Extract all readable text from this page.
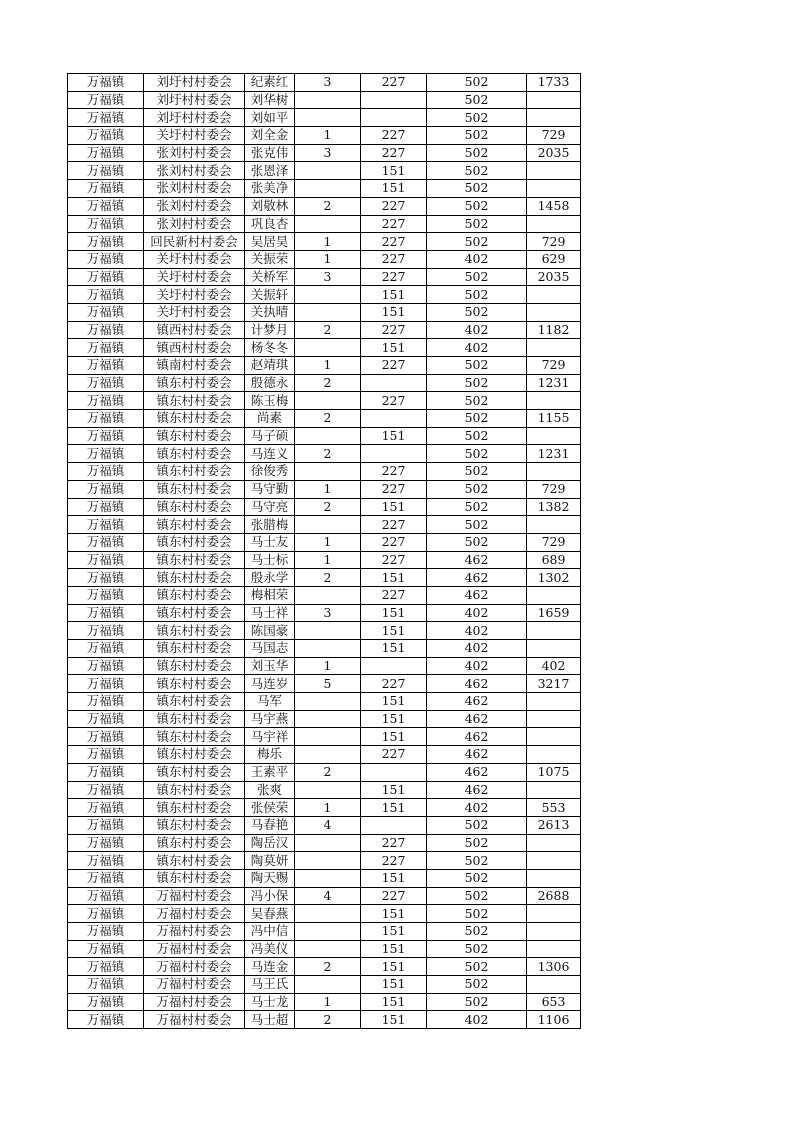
万福镇	刘圩村村委会	纪素红	3	227	502	1733
万福镇	刘圩村村委会	刘华树			502	
万福镇	刘圩村村委会	刘如平			502	
万福镇	关圩村村委会	刘全金	1	227	502	729
万福镇	张刘村村委会	张克伟	3	227	502	2035
万福镇	张刘村村委会	张恩泽		151	502	
万福镇	张刘村村委会	张美净		151	502	
万福镇	张刘村村委会	刘敬林	2	227	502	1458
万福镇	张刘村村委会	巩良杏		227	502	
万福镇	回民新村村委会	吴居昊	1	227	502	729
万福镇	关圩村村委会	关振荣	1	227	402	629
万福镇	关圩村村委会	关桥军	3	227	502	2035
万福镇	关圩村村委会	关振轩		151	502	
万福镇	关圩村村委会	关执晴		151	502	
万福镇	镇西村村委会	计梦月	2	227	402	1182
万福镇	镇西村村委会	杨冬冬		151	402	
万福镇	镇南村村委会	赵靖琪	1	227	502	729
万福镇	镇东村村委会	殷德永	2		502	1231
万福镇	镇东村村委会	陈玉梅		227	502	
万福镇	镇东村村委会	尚素	2		502	1155
万福镇	镇东村村委会	马子硕		151	502	
万福镇	镇东村村委会	马连义	2		502	1231
万福镇	镇东村村委会	徐俊秀		227	502	
万福镇	镇东村村委会	马守勤	1	227	502	729
万福镇	镇东村村委会	马守亮	2	151	502	1382
万福镇	镇东村村委会	张腊梅		227	502	
万福镇	镇东村村委会	马士友	1	227	502	729
万福镇	镇东村村委会	马士标	1	227	462	689
万福镇	镇东村村委会	殷永学	2	151	462	1302
万福镇	镇东村村委会	梅相荣		227	462	
万福镇	镇东村村委会	马士祥	3	151	402	1659
万福镇	镇东村村委会	陈国豪		151	402	
万福镇	镇东村村委会	马国志		151	402	
万福镇	镇东村村委会	刘玉华	1		402	402
万福镇	镇东村村委会	马连岁	5	227	462	3217
万福镇	镇东村村委会	马军		151	462	
万福镇	镇东村村委会	马宇燕		151	462	
万福镇	镇东村村委会	马宇祥		151	462	
万福镇	镇东村村委会	梅乐		227	462	
万福镇	镇东村村委会	王素平	2		462	1075
万福镇	镇东村村委会	张爽		151	462	
万福镇	镇东村村委会	张侯荣	1	151	402	553
万福镇	镇东村村委会	马春艳	4		502	2613
万福镇	镇东村村委会	陶岳汉		227	502	
万福镇	镇东村村委会	陶莫妍		227	502	
万福镇	镇东村村委会	陶天赐		151	502	
万福镇	万福村村委会	冯小保	4	227	502	2688
万福镇	万福村村委会	吴春燕		151	502	
万福镇	万福村村委会	冯中信		151	502	
万福镇	万福村村委会	冯美仪		151	502	
万福镇	万福村村委会	马连金	2	151	502	1306
万福镇	万福村村委会	马王氏		151	502	
万福镇	万福村村委会	马士龙	1	151	502	653
万福镇	万福村村委会	马士超	2	151	402	1106
